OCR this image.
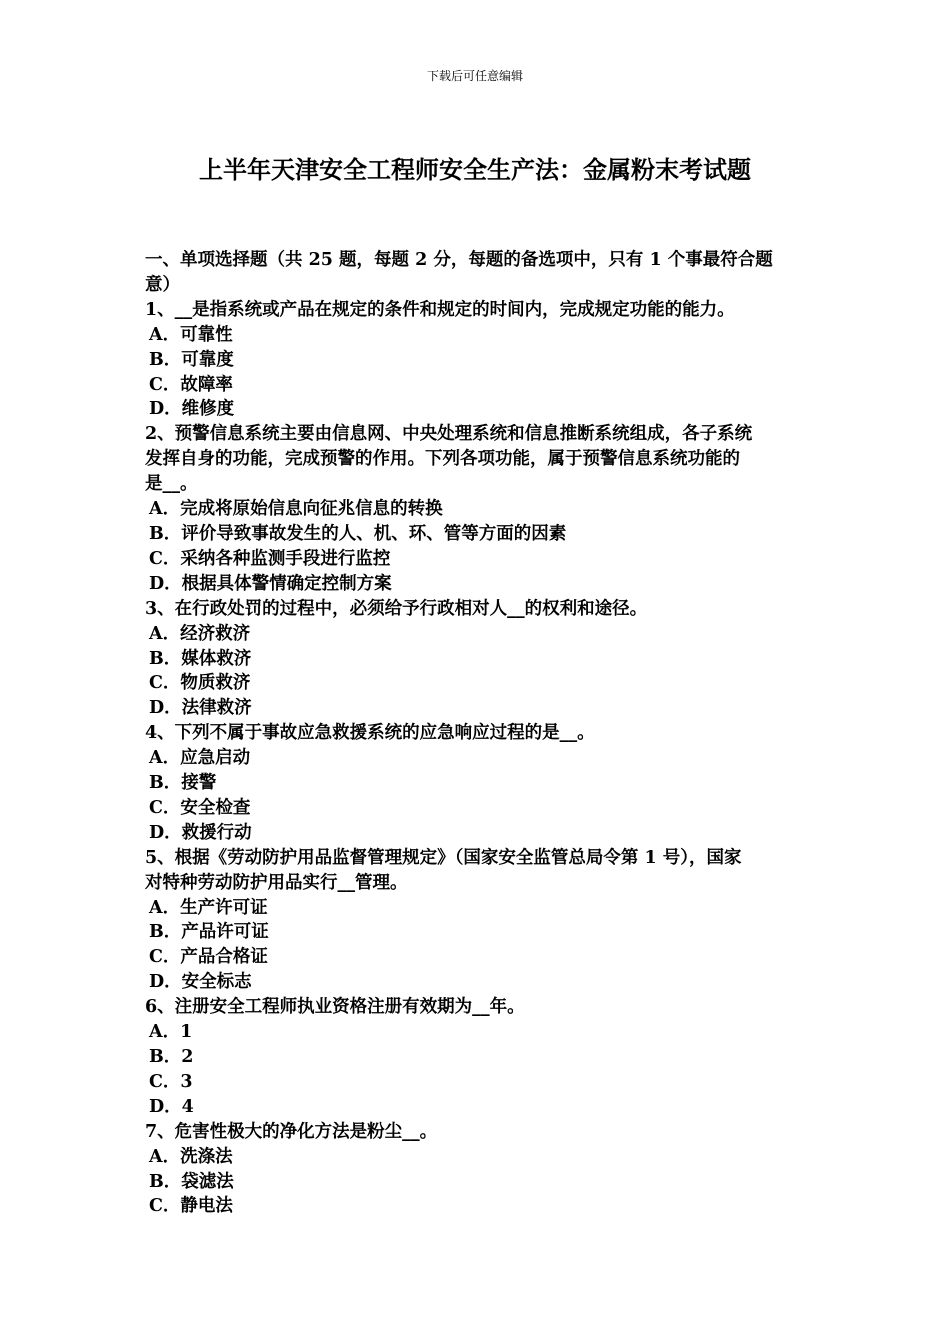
下载后可任意编辑
上半年天津安全工程师安全生产法：金属粉末考试题
一、单项选择题（共 25 题，每题 2 分，每题的备选项中，只有 1 个事最符合题
意）
1、__是指系统或产品在规定的条件和规定的时间内，完成规定功能的能力。
A．可靠性
B．可靠度
C．故障率
D．维修度
2、预警信息系统主要由信息网、中央处理系统和信息推断系统组成，各子系统
发挥自身的功能，完成预警的作用。下列各项功能，属于预警信息系统功能的
是__。
A．完成将原始信息向征兆信息的转换
B．评价导致事故发生的人、机、环、管等方面的因素
C．采纳各种监测手段进行监控
D．根据具体警情确定控制方案
3、在行政处罚的过程中，必须给予行政相对人__的权利和途径。
A．经济救济
B．媒体救济
C．物质救济
D．法律救济
4、下列不属于事故应急救援系统的应急响应过程的是__。
A．应急启动
B．接警
C．安全检查
D．救援行动
5、根据《劳动防护用品监督管理规定》（国家安全监管总局令第 1 号），国家
对特种劳动防护用品实行__管理。
A．生产许可证
B．产品许可证
C．产品合格证
D．安全标志
6、注册安全工程师执业资格注册有效期为__年。
A．1
B．2
C．3
D．4
7、危害性极大的净化方法是粉尘__。
A．洗涤法
B．袋滤法
C．静电法
